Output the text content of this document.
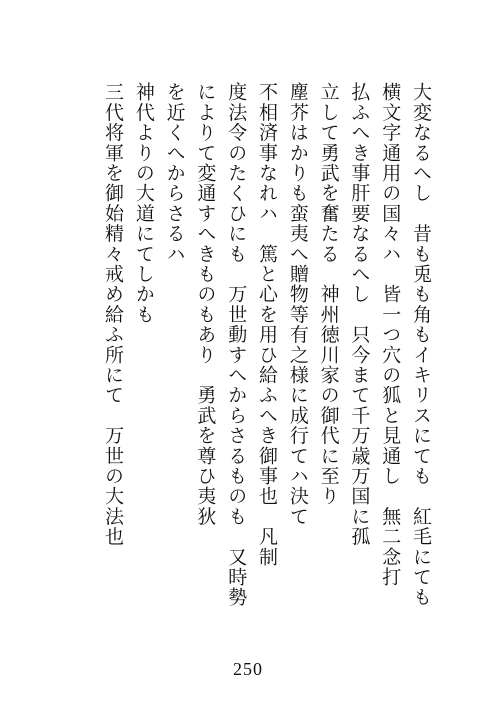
大変なるへし　昔も兎も角もイキリスにても　紅毛にても
横文字通用の国々ハ　皆一つ穴の狐と見通し　無二念打
払ふへき事肝要なるへし　只今まて千万歳万国に孤
立して勇武を奮たる　神州徳川家の御代に至り
塵芥はかりも蛮夷へ贈物等有之様に成行てハ決て
不相済事なれハ　篤と心を用ひ給ふへき御事也　凡制
度法令のたくひにも　万世動すへからさるものも　又時勢
によりて変通すへきものもあり　勇武を尊ひ夷狄
を近くへからさるハ
神代よりの大道にてしかも
三代将軍を御始精々戒め給ふ所にて　万世の大法也
250
